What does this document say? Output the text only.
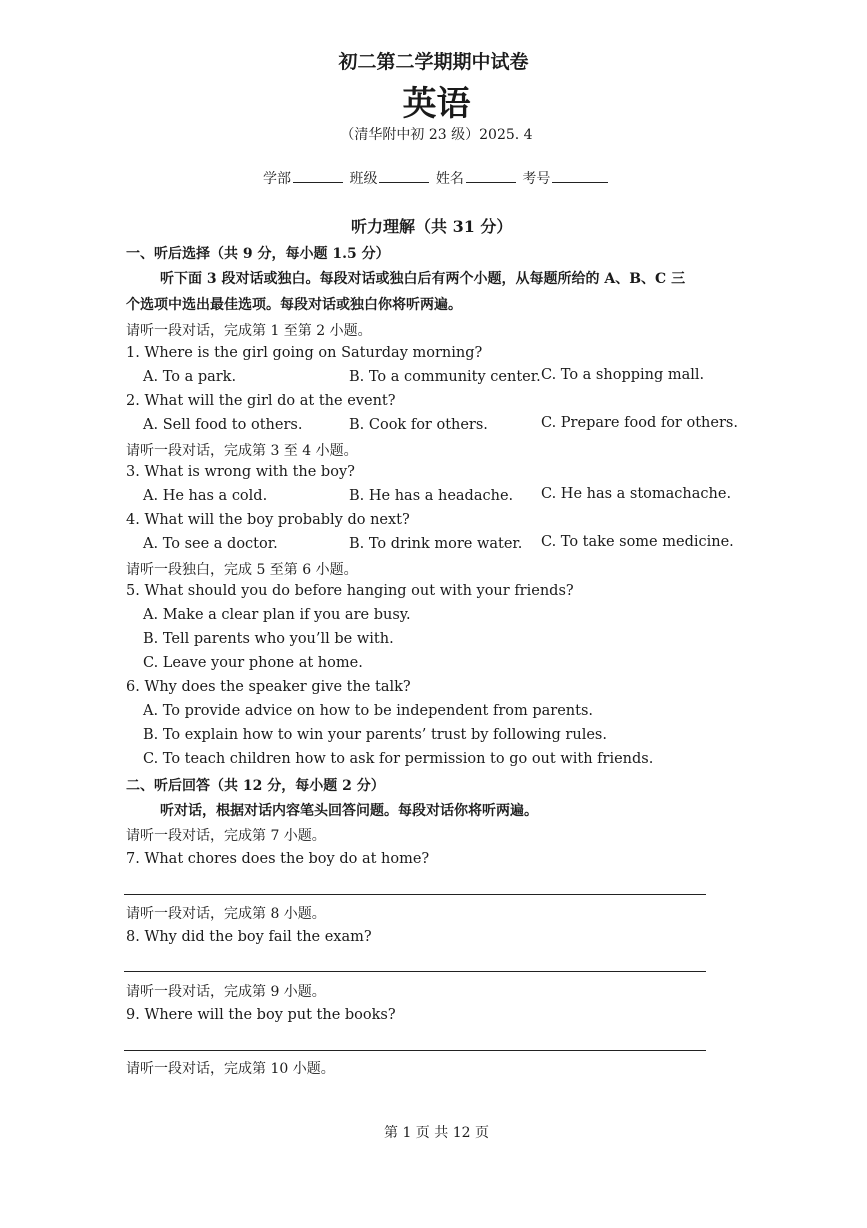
初二第二学期期中试卷
英语
（清华附中初 23 级）2025. 4
学部	班级	姓名	考号
听力理解（共 31 分）
一、听后选择（共 9 分，每小题 1.5 分）
听下面 3 段对话或独白。每段对话或独白后有两个小题，从每题所给的 A、B、C 三
个选项中选出最佳选项。每段对话或独白你将听两遍。
请听一段对话，完成第 1 至第 2 小题。
1. Where is the girl going on Saturday morning?
A. To a park.	B. To a community center. C. To a shopping mall.
2. What will the girl do at the event?
A. Sell food to others.	B. Cook for others.	C. Prepare food for others.
请听一段对话，完成第 3 至 4 小题。
3. What is wrong with the boy?
A. He has a cold.	B. He has a headache. C. He has a stomachache.
4. What will the boy probably do next?
A. To see a doctor.	B. To drink more water. C. To take some medicine.
请听一段独白，完成 5 至第 6 小题。
5. What should you do before hanging out with your friends?
A. Make a clear plan if you are busy.
B. Tell parents who you’ll be with.
C. Leave your phone at home.
6. Why does the speaker give the talk?
A. To provide advice on how to be independent from parents.
B. To explain how to win your parents’ trust by following rules.
C. To teach children how to ask for permission to go out with friends.
二、听后回答（共 12 分，每小题 2 分）
听对话，根据对话内容笔头回答问题。每段对话你将听两遍。
请听一段对话，完成第 7 小题。
7. What chores does the boy do at home?
请听一段对话，完成第 8 小题。
8. Why did the boy fail the exam?
请听一段对话，完成第 9 小题。
9. Where will the boy put the books?
请听一段对话，完成第 10 小题。
第 1 页 共 12 页
